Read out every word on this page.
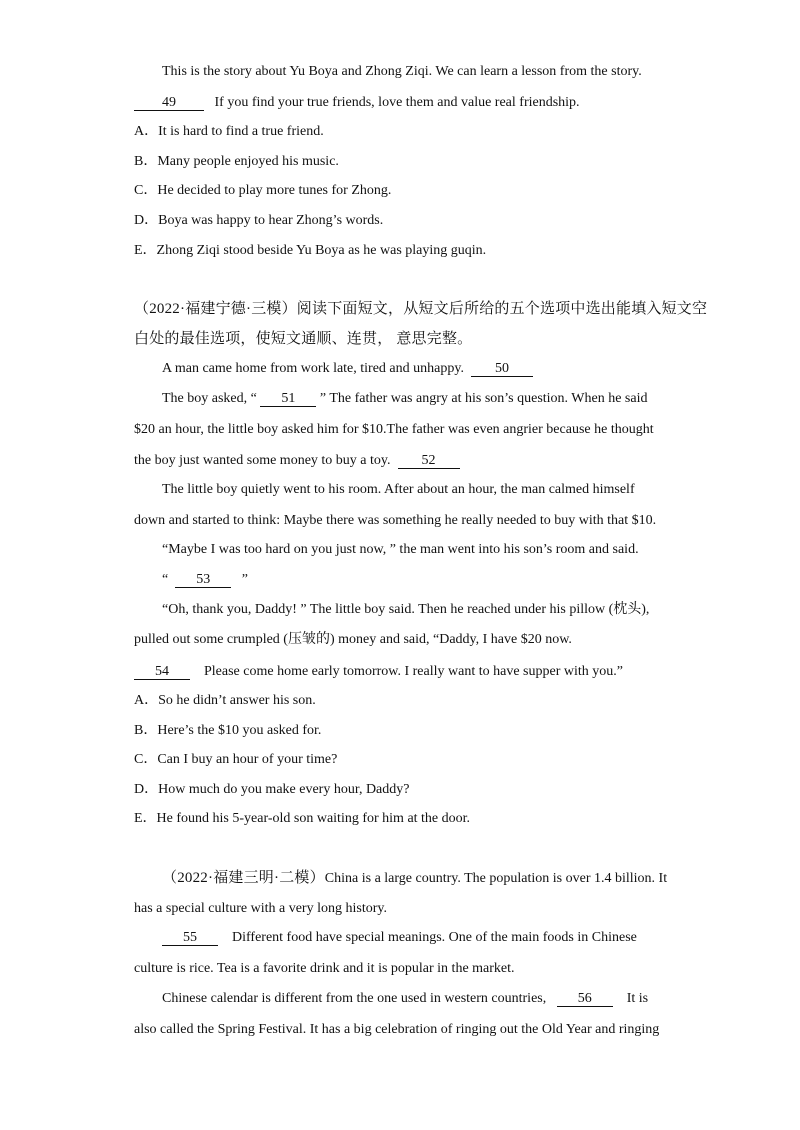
This is the story about Yu Boya and Zhong Ziqi. We can learn a lesson from the story.
49	If you find your true friends, love them and value real friendship.
A．It is hard to find a true friend.
B．Many people enjoyed his music.
C．He decided to play more tunes for Zhong.
D．Boya was happy to hear Zhong’s words.
E．Zhong Ziqi stood beside Yu Boya as he was playing guqin.
（2022·福建宁德·三模）阅读下面短文，从短文后所给的五个选项中选出能填入短文空
白处的最佳选项，使短文通顺、连贯， 意思完整。
A man came home from work late, tired and unhappy. 50
The boy asked, “ 51 ” The father was angry at his son’s question. When he said
$20 an hour, the little boy asked him for $10.The father was even angrier because he thought
the boy just wanted some money to buy a toy. 52
The little boy quietly went to his room. After about an hour, the man calmed himself
down and started to think: Maybe there was something he really needed to buy with that $10.
“Maybe I was too hard on you just now, ” the man went into his son’s room and said.
“ 53 ”
“Oh, thank you, Daddy! ” The little boy said. Then he reached under his pillow (枕头),
pulled out some crumpled (压皱的) money and said, “Daddy, I have $20 now.
54	Please come home early tomorrow. I really want to have supper with you.”
A．So he didn’t answer his son.
B．Here’s the $10 you asked for.
C．Can I buy an hour of your time?
D．How much do you make every hour, Daddy?
E．He found his 5-year-old son waiting for him at the door.
（2022·福建三明·二模）China is a large country. The population is over 1.4 billion. It
has a special culture with a very long history.
55	Different food have special meanings. One of the main foods in Chinese
culture is rice. Tea is a favorite drink and it is popular in the market.
Chinese calendar is different from the one used in western countries, 56	It is
also called the Spring Festival. It has a big celebration of ringing out the Old Year and ringing
